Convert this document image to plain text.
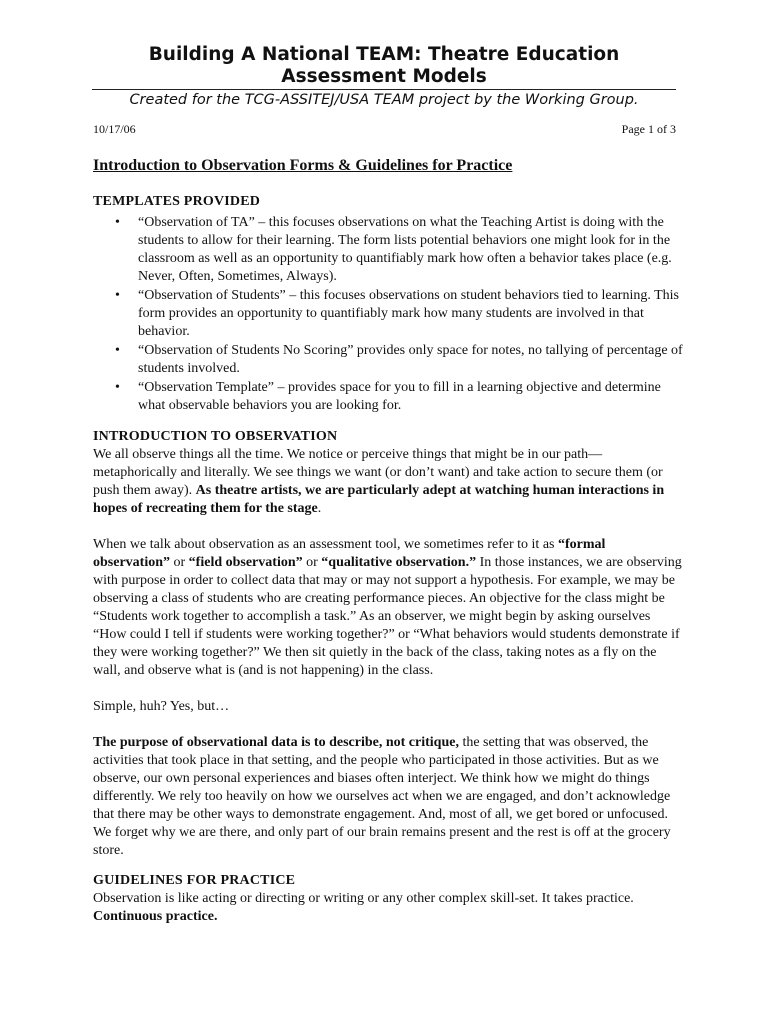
Building A National TEAM: Theatre Education
Assessment Models
Created for the TCG-ASSITEJ/USA TEAM project by the Working Group.
10/17/06	Page 1 of 3
Introduction to Observation Forms & Guidelines for Practice

TEMPLATES PROVIDED

• “Observation of TA” – this focuses observations on what the Teaching Artist is doing with the students to allow for their learning. The form lists potential behaviors one might look for in the classroom as well as an opportunity to quantifiably mark how often a behavior takes place (e.g. Never, Often, Sometimes, Always).
• “Observation of Students” – this focuses observations on student behaviors tied to learning. This form provides an opportunity to quantifiably mark how many students are involved in that behavior.
• “Observation of Students No Scoring” provides only space for notes, no tallying of percentage of students involved.
• “Observation Template” – provides space for you to fill in a learning objective and determine what observable behaviors you are looking for.

INTRODUCTION TO OBSERVATION

We all observe things all the time. We notice or perceive things that might be in our path—metaphorically and literally. We see things we want (or don’t want) and take action to secure them (or push them away). As theatre artists, we are particularly adept at watching human interactions in hopes of recreating them for the stage.

When we talk about observation as an assessment tool, we sometimes refer to it as “formal observation” or “field observation” or “qualitative observation.” In those instances, we are observing with purpose in order to collect data that may or may not support a hypothesis. For example, we may be observing a class of students who are creating performance pieces. An objective for the class might be “Students work together to accomplish a task.” As an observer, we might begin by asking ourselves “How could I tell if students were working together?” or “What behaviors would students demonstrate if they were working together?” We then sit quietly in the back of the class, taking notes as a fly on the wall, and observe what is (and is not happening) in the class.

Simple, huh? Yes, but…

The purpose of observational data is to describe, not critique, the setting that was observed, the activities that took place in that setting, and the people who participated in those activities. But as we observe, our own personal experiences and biases often interject. We think how we might do things differently. We rely too heavily on how we ourselves act when we are engaged, and don’t acknowledge that there may be other ways to demonstrate engagement. And, most of all, we get bored or unfocused. We forget why we are there, and only part of our brain remains present and the rest is off at the grocery store.

GUIDELINES FOR PRACTICE

Observation is like acting or directing or writing or any other complex skill-set. It takes practice. Continuous practice.
